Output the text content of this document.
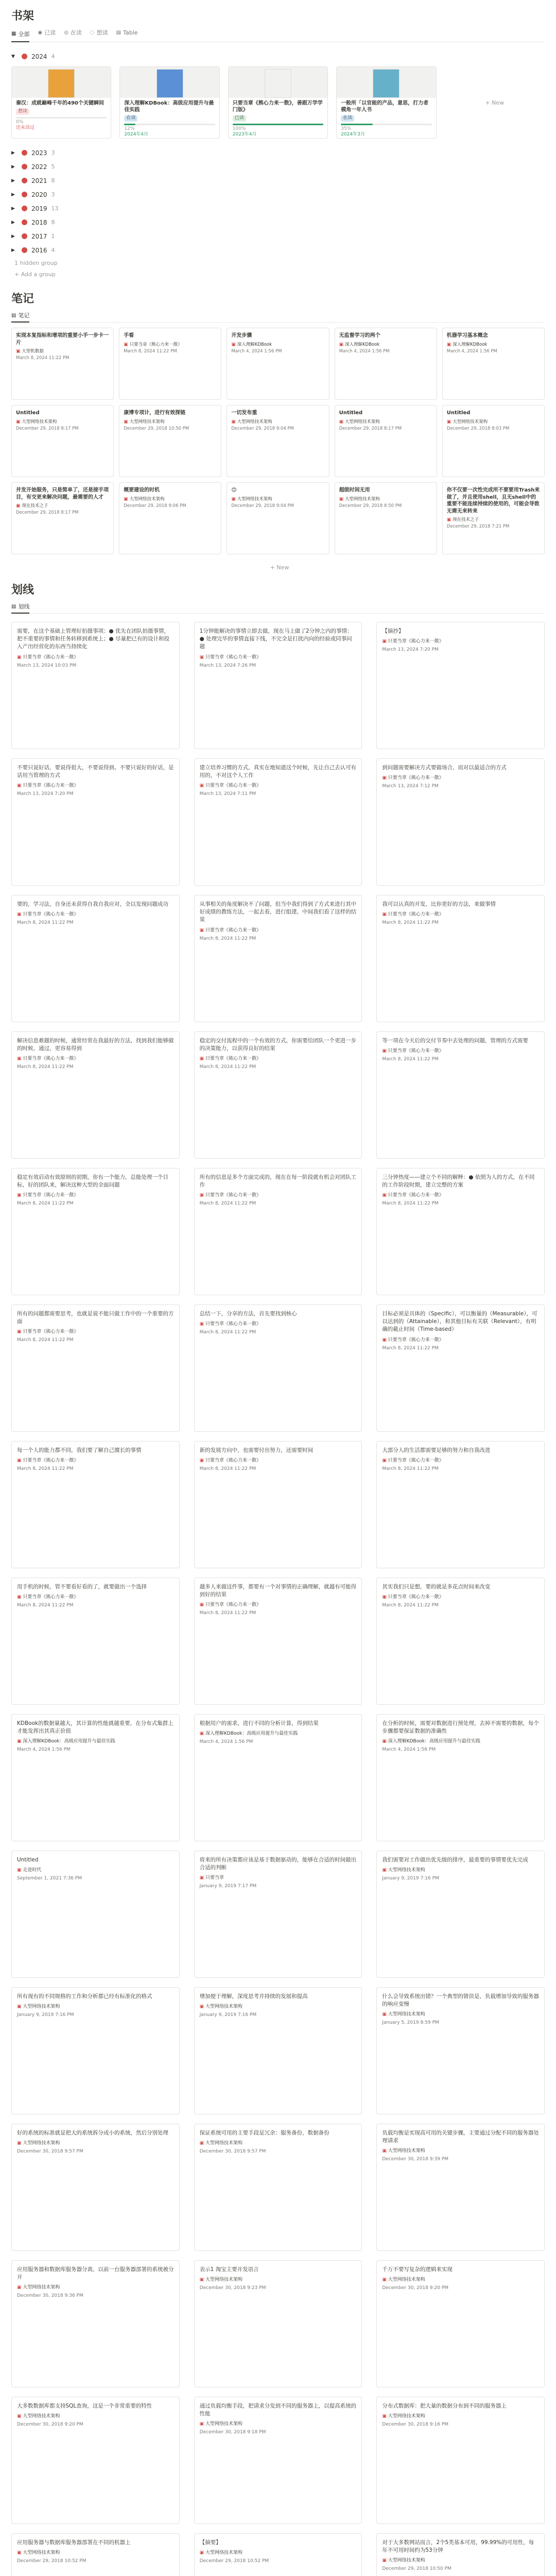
书架
▦ 全部 ◉ 已读 ◎ 在读 ◌ 想读 ▤ Table
▼	2024 4
秦汉：成就巅峰千年的490个关键瞬间
想读
0%
还未读过
深入理解KDBook：高级应用提升与最佳实践
在读
12%
2024年4月
只要当章《熊心力来一散》，善跟万学学门版》
已读
100%
2023年4月
一般所「以官能的产品，意思，打力者模角一年人书
在读
35%
2024年3月
+ New
▶	2023 3
▶	2022 5
▶	2021 8
▶	2020 3
▶	2019 13
▶	2018 8
▶	2017 1
▶	2016 4
1 hidden group
+ Add a group
笔记
▤ 笔记
实现本复指标和增项的重要小手一步卡一片
▣ 大型机数据
March 8, 2024 11:22 PM
手看
▣ 只要当章《熊心力来一散》
March 8, 2024 11:22 PM
开发步骤
▣ 深入理解KDBook
March 4, 2024 1:56 PM
无监督学习的两个
▣ 深入理解KDBook
March 4, 2024 1:56 PM
机器学习基本概念
▣ 深入理解KDBook
March 4, 2024 1:56 PM
Untitled
▣ 大型网络技术架构
December 29, 2018 8:17 PM
康博专项计，进行有效探链
▣ 大型网络技术架构
December 29, 2018 10:50 PM
一切发布重
▣ 大型网络技术架构
December 29, 2018 9:04 PM
Untitled
▣ 大型网络技术架构
December 29, 2018 8:17 PM
Untitled
▣ 大型网络技术架构
December 29, 2018 8:03 PM
并发开始服务，只是简单了，还是接手项目，有交更来解决问题，最需要的人才
▣ 现在技术之子
December 29, 2018 8:17 PM
概要建设的时机
▣ 大型网络技术架构
December 29, 2018 9:06 PM
😊
▣ 大型网络技术架构
December 29, 2018 9:04 PM
超级时间无用
▣ 大型网络技术架构
December 29, 2018 8:50 PM
你不仅要一次性完成所不要要用Trash来做了，并且使用shell，且无shell中的重要不能连续持续的使用的，可能会导致无需无来转来
▣ 现在技术之子
December 29, 2018 7:21 PM
+ New
划线
▤ 划线
需要，在这个基础上管理好拍摄事项：● 优先在团队拍摄事情，把不重要的事情和任务转移到系统上；● 尽量把已有的设计和投入产出经营化的东西当持续化
▣ 只要当章《熊心力来一散》
March 13, 2024 10:03 PM
1分钟能解决的事情立即去做，现在马上做了2分钟之内的事情：● 处理完毕的事情直接下线，不完全是打扰内向的经验或同事问题
▣ 只要当章《熊心力来一散》
March 13, 2024 7:26 PM
【摘抄】
▣ 只要当章《熊心力来一散》
March 13, 2024 7:20 PM
不要只说好话，要说得很大，不要说得到。不要只说好的好话，是话用当管理的方式
▣ 只要当章《熊心力来一散》
March 13, 2024 7:20 PM
建立培养习惯的方式，真实在地知道这个时候，先让自己去认可有用的，不对这个人工作
▣ 只要当章《熊心力来一散》
March 13, 2024 7:11 PM
到问题需要解决方式要做场合，而对以最适合的方式
▣ 只要当章《熊心力来一散》
March 13, 2024 7:12 PM
要的，学习法，自身还未获得自我自我应对，全以发现问题成功
▣ 只要当章《熊心力来一散》
March 8, 2024 11:22 PM
从事相关的角度解决不了问题，但当中我们得到了方式来进行其中好成绩的教练方法，一起去看，进行组建，中间我们看了这样的结果
▣ 只要当章《熊心力来一散》
March 8, 2024 11:22 PM
我可以认真的开发，比你更好的方法，来做事情
▣ 只要当章《熊心力来一散》
March 8, 2024 11:22 PM
解决信息难题的时候，通常经常在我最好的方法，找到我们能够做的时候，通过，更容易得到
▣ 只要当章《熊心力来一散》
March 8, 2024 11:22 PM
稳定的交付流程中的一个有效的方式，你需要给团队一个更进一步的决策能力，以获得良好的结果
▣ 只要当章《熊心力来一散》
March 8, 2024 11:22 PM
等一项在今天后的交付节奏中去处理的问题，管理的方式需要
▣ 只要当章《熊心力来一散》
March 8, 2024 11:22 PM
稳定有效启动有效原则的初期，你有一个能力，总能处理一个目标，好的团队来，解决这种大型的全面问题
▣ 只要当章《熊心力来一散》
March 8, 2024 11:22 PM
所有的信息是多个方面完成的，现在在每一阶段就有机会对团队工作
▣ 只要当章《熊心力来一散》
March 8, 2024 11:22 PM
三分钟热度——建立个不同的解释：● 依照为人的方式，在不同的工作阶段时期，建立完整的方案
▣ 只要当章《熊心力来一散》
March 8, 2024 11:22 PM
所有的问题都需要思考，也就是说不能只做工作中的一个重要的方面
▣ 只要当章《熊心力来一散》
March 8, 2024 11:22 PM
总结一下，分享的方法，首先要找到核心
▣ 只要当章《熊心力来一散》
March 8, 2024 11:22 PM
目标必须是具体的（Specific），可以衡量的（Measurable），可以达到的（Attainable），和其他目标有关联（Relevant），有明确的截止时间（Time-based）
▣ 只要当章《熊心力来一散》
March 8, 2024 11:22 PM
每一个人的能力都不同，我们要了解自己擅长的事情
▣ 只要当章《熊心力来一散》
March 8, 2024 11:22 PM
新的发展方向中，也需要付出努力，还需要时间
▣ 只要当章《熊心力来一散》
March 8, 2024 11:22 PM
大部分人的生活都需要足够的努力和自我改进
▣ 只要当章《熊心力来一散》
March 8, 2024 11:22 PM
用手机的时候，管不要看好看的了，就要做出一个选择
▣ 只要当章《熊心力来一散》
March 8, 2024 11:22 PM
越多人来做这件事，都要有一个对事情的正确理解，就越有可能得到好的结果
▣ 只要当章《熊心力来一散》
March 8, 2024 11:22 PM
其实我们只是想，要的就是多花点时间来改变
▣ 只要当章《熊心力来一散》
March 8, 2024 11:22 PM
KDBook的数据量越大，其计算的性能就越重要，在分布式集群上才能发挥出其真正价值
▣ 深入理解KDBook：高级应用提升与最佳实践
March 4, 2024 1:56 PM
根据用户的需求，进行不同的分析计算，得到结果
▣ 深入理解KDBook：高级应用提升与最佳实践
March 4, 2024 1:56 PM
在分析的时候，需要对数据进行预处理，去掉不需要的数据，每个步骤都要保证数据的准确性
▣ 深入理解KDBook：高级应用提升与最佳实践
March 4, 2024 1:56 PM
Untitled
▣ 走进时代
September 1, 2021 7:36 PM
将来的所有决策都应该是基于数据驱动的，能够在合适的时间做出合适的判断
▣ 只要当章
January 9, 2019 7:17 PM
我们需要对工作做出优先级的排序，最重要的事情要优先完成
▣ 大型网络技术架构
January 9, 2019 7:16 PM
所有现有的不同规格的工作和分析都已经有标准化的格式
▣ 大型网络技术架构
January 9, 2019 7:16 PM
增加便于理解，深度思考并持续的发展和提高
▣ 大型网络技术架构
January 9, 2019 7:16 PM
什么会导致系统出错？一个典型的错误是，负载增加导致的服务器的响应变慢
▣ 大型网络技术架构
January 5, 2019 8:59 PM
好的系统的标准就是把大的系统拆分成小的系统，然后分别处理
▣ 大型网络技术架构
December 30, 2018 9:57 PM
保证系统可用的主要手段是冗余：服务备份，数据备份
▣ 大型网络技术架构
December 30, 2018 9:57 PM
负载均衡是实现高可用的关键步骤，主要通过分配不同的服务器处理请求
▣ 大型网络技术架构
December 30, 2018 9:39 PM
应用服务器和数据库服务器分离，以前一台服务器部署的系统被分开
▣ 大型网络技术架构
December 30, 2018 9:36 PM
表示1 淘宝主要开发语言
▣ 大型网络技术架构
December 30, 2018 9:23 PM
千万不要写复杂的逻辑来实现
▣ 大型网络技术架构
December 30, 2018 9:20 PM
大多数数据库都支持SQL查询，这是一个非常重要的特性
▣ 大型网络技术架构
December 30, 2018 9:20 PM
通过负载均衡手段，把请求分发到不同的服务器上，以提高系统的性能
▣ 大型网络技术架构
December 30, 2018 9:18 PM
分布式数据库：把大量的数据分布到不同的服务器上
▣ 大型网络技术架构
December 30, 2018 9:16 PM
应用服务器与数据库服务器部署在不同的机器上
▣ 大型网络技术架构
December 29, 2018 10:52 PM
【摘要】
▣ 大型网络技术架构
December 29, 2018 10:52 PM
对于大多数网站而言，2个5类基本可用，99.99%的可用性，每年不可用时间约为53分钟
▣ 大型网络技术架构
December 29, 2018 10:50 PM
